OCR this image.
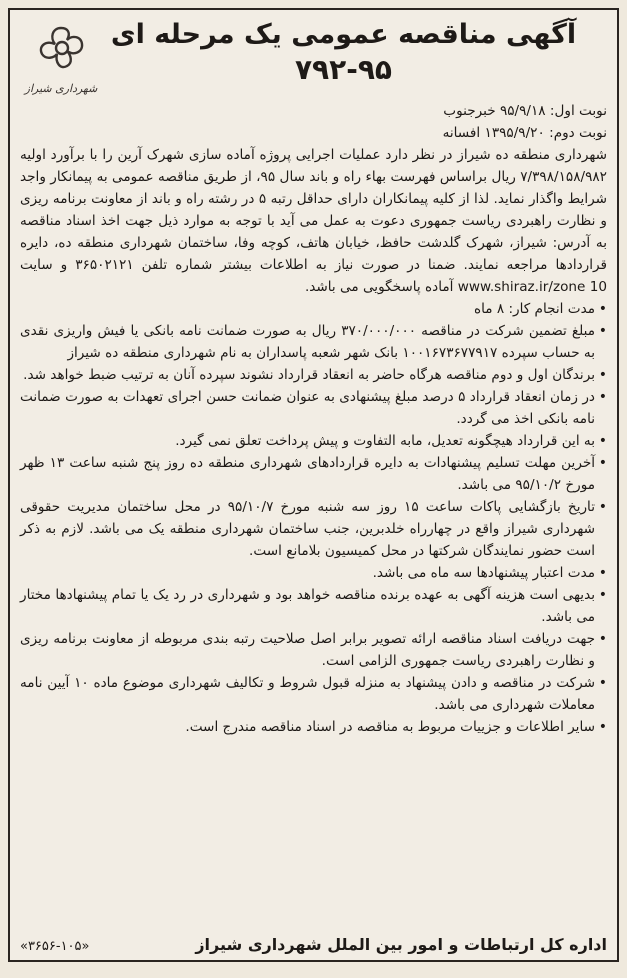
شهرداری شیراز

آگهی مناقصه عمومی یک مرحله ای

۷۹۲-۹۵

نوبت اول: ۹۵/۹/۱۸ خبرجنوب

نوبت دوم: ۱۳۹۵/۹/۲۰ افسانه

شهرداری منطقه ده شیراز در نظر دارد عملیات اجرایی پروژه آماده سازی شهرک آرین را با برآورد اولیه ۷/۳۹۸/۱۵۸/۹۸۲ ریال براساس فهرست بهاء راه و باند سال ۹۵، از طریق مناقصه عمومی به پیمانکار واجد شرایط واگذار نماید. لذا از کلیه پیمانکاران دارای حداقل رتبه ۵ در رشته راه و باند از معاونت برنامه ریزی و نظارت راهبردی ریاست جمهوری دعوت به عمل می آید با توجه به موارد ذیل جهت اخذ اسناد مناقصه به آدرس: شیراز، شهرک گلدشت حافظ، خیابان هاتف، کوچه وفا، ساختمان شهرداری منطقه ده، دایره قراردادها مراجعه نمایند. ضمنا در صورت نیاز به اطلاعات بیشتر شماره تلفن ۳۶۵۰۲۱۲۱ و سایت www.shiraz.ir/zone 10 آماده پاسخگویی می باشد.

• مدت انجام کار: ۸ ماه
• مبلغ تضمین شرکت در مناقصه ۳۷۰/۰۰۰/۰۰۰ ریال به صورت ضمانت نامه بانکی یا فیش واریزی نقدی به حساب سپرده ۱۰۰۱۶۷۳۶۷۷۹۱۷ بانک شهر شعبه پاسداران به نام شهرداری منطقه ده شیراز
• برندگان اول و دوم مناقصه هرگاه حاضر به انعقاد قرارداد نشوند سپرده آنان به ترتیب ضبط خواهد شد.
• در زمان انعقاد قرارداد ۵ درصد مبلغ پیشنهادی به عنوان ضمانت حسن اجرای تعهدات به صورت ضمانت نامه بانکی اخذ می گردد.
• به این قرارداد هیچگونه تعدیل، مابه التفاوت و پیش پرداخت تعلق نمی گیرد.
• آخرین مهلت تسلیم پیشنهادات به دایره قراردادهای شهرداری منطقه ده روز پنج شنبه ساعت ۱۳ ظهر مورخ ۹۵/۱۰/۲ می باشد.
• تاریخ بازگشایی پاکات ساعت ۱۵ روز سه شنبه مورخ ۹۵/۱۰/۷ در محل ساختمان مدیریت حقوقی شهرداری شیراز واقع در چهارراه خلدبرین، جنب ساختمان شهرداری منطقه یک می باشد. لازم به ذکر است حضور نمایندگان شرکتها در محل کمیسیون بلامانع است.
• مدت اعتبار پیشنهادها سه ماه می باشد.
• بدیهی است هزینه آگهی به عهده برنده مناقصه خواهد بود و شهرداری در رد یک یا تمام پیشنهادها مختار می باشد.
• جهت دریافت اسناد مناقصه ارائه تصویر برابر اصل صلاحیت رتبه بندی مربوطه از معاونت برنامه ریزی و نظارت راهبردی ریاست جمهوری الزامی است.
• شرکت در مناقصه و دادن پیشنهاد به منزله قبول شروط و تکالیف شهرداری موضوع ماده ۱۰ آیین نامه معاملات شهرداری می باشد.
• سایر اطلاعات و جزییات مربوط به مناقصه در اسناد مناقصه مندرج است.
اداره کل ارتباطات و امور بین الملل شهرداری شیراز
«۳۶۵۶-۱۰۵»
